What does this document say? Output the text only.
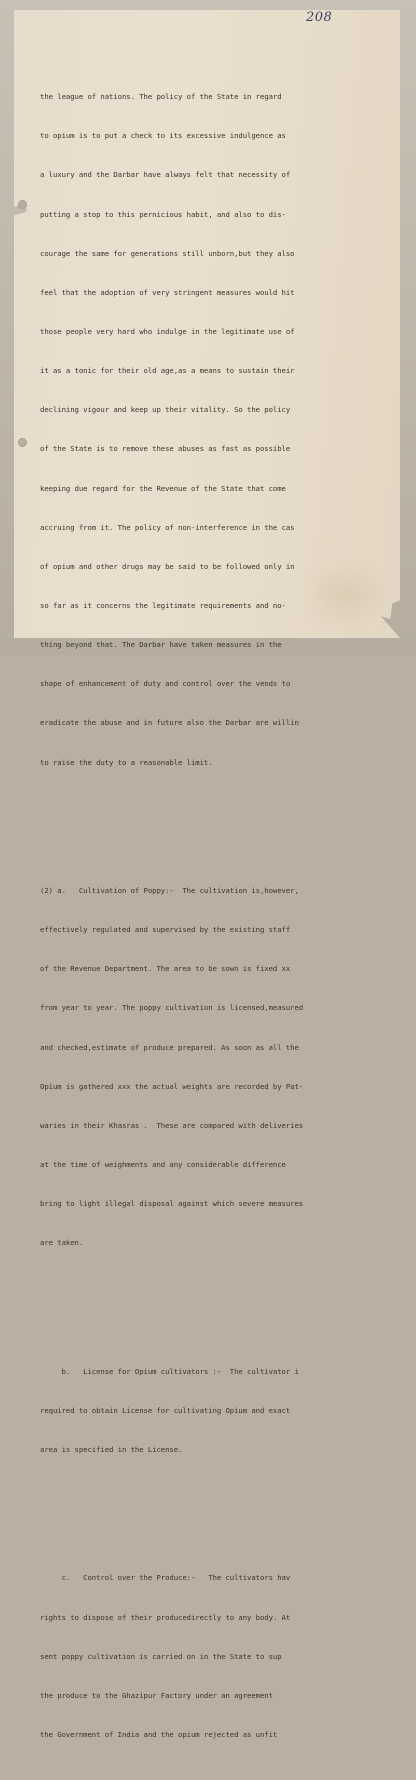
208

the league of nations. The policy of the State in regard

to opium is to put a check to its excessive indulgence as

a luxury and the Darbar have always felt that necessity of

putting a stop to this pernicious habit, and also to dis-

courage the same for generations still unborn,but they also

feel that the adoption of very stringent measures would hit

those people very hard who indulge in the legitimate use of

it as a tonic for their old age,as a means to sustain their

declining vigour and keep up their vitality. So the policy

of the State is to remove these abuses as fast as possible

keeping due regard for the Revenue of the State that come

accruing from it. The policy of non-interference in the cas

of opium and other drugs may be said to be followed only in

so far as it concerns the legitimate requirements and no-

thing beyond that. The Darbar have taken measures in the

shape of enhancement of duty and control over the vends to

eradicate the abuse and in future also the Darbar are willin

to raise the duty to a reasonable limit.

(2) a.   Cultivation of Poppy:-  The cultivation is,however,

effectively regulated and supervised by the existing staff

of the Revenue Department. The area to be sown is fixed xx

from year to year. The poppy cultivation is licensed,measured

and checked,estimate of produce prepared. As soon as all the

Opium is gathered xxx the actual weights are recorded by Pat-

waries in their Khasras .  These are compared with deliveries

at the time of weighments and any considerable difference

bring to light illegal disposal against which severe measures

are taken.

b.   License for Opium cultivators :-  The cultivator i

required to obtain License for cultivating Opium and exact

area is specified in the License.

c.   Control over the Produce:-   The cultivators hav

rights to dispose of their producedirectly to any body. At

sent poppy cultivation is carried on in the State to sup

the produce to the Ghazipur Factory under an agreement

the Government of India and the opium rejected as unfit
